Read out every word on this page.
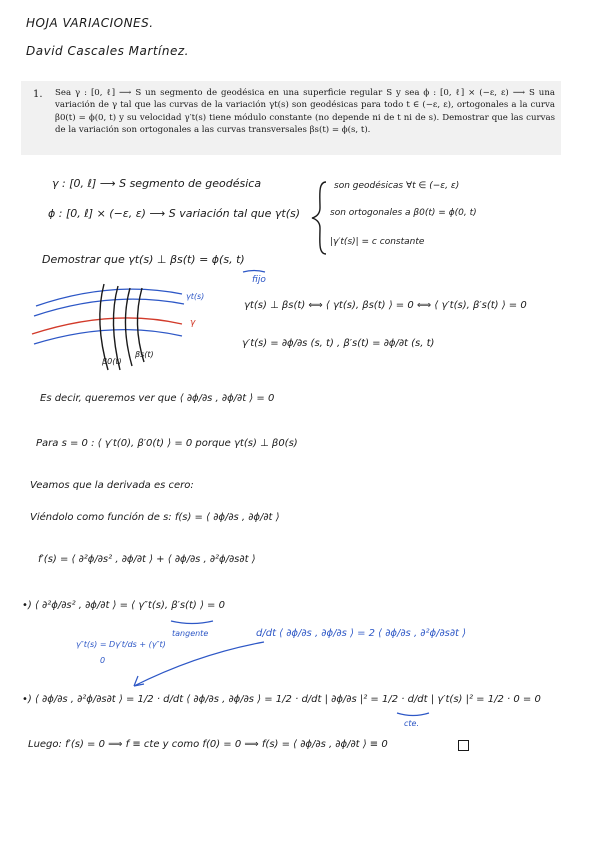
HOJA VARIACIONES.
David Cascales Martínez.
1. Sea γ : [0, ℓ] ⟶ S un segmento de geodésica en una superficie regular S y sea ϕ : [0, ℓ] × (−ε, ε) ⟶ S una variación de γ tal que las curvas de la variación γt(s) son geodésicas para todo t ∈ (−ε, ε), ortogonales a la curva β0(t) = ϕ(0, t) y su velocidad γ′t(s) tiene módulo constante (no depende ni de t ni de s). Demostrar que las curvas de la variación son ortogonales a las curvas transversales βs(t) = ϕ(s, t).
γ : [0, ℓ] ⟶ S segmento de geodésica
ϕ : [0, ℓ] × (−ε, ε) ⟶ S variación tal que γt(s)
son geodésicas ∀t ∈ (−ε, ε)
son ortogonales a β0(t) = ϕ(0, t)
|γ′t(s)| = c constante
Demostrar que γt(s) ⊥ βs(t) = ϕ(s, t)
fijo
γt(s)
γ
β0(t)
βs(t)
γt(s) ⊥ βs(t) ⟺ ⟨ γt(s), βs(t) ⟩ = 0 ⟺ ⟨ γ′t(s), β′s(t) ⟩ = 0
γ′t(s) = ∂ϕ/∂s (s, t) , β′s(t) = ∂ϕ/∂t (s, t)
Es decir, queremos ver que ⟨ ∂ϕ/∂s , ∂ϕ/∂t ⟩ = 0
Para s = 0 : ⟨ γ′t(0), β′0(t) ⟩ = 0 porque γt(s) ⊥ β0(s)
Veamos que la derivada es cero:
Viéndolo como función de s: f(s) = ⟨ ∂ϕ/∂s , ∂ϕ/∂t ⟩
f′(s) = ⟨ ∂²ϕ/∂s² , ∂ϕ/∂t ⟩ + ⟨ ∂ϕ/∂s , ∂²ϕ/∂s∂t ⟩
•) ⟨ ∂²ϕ/∂s² , ∂ϕ/∂t ⟩ = ⟨ γ″t(s), β′s(t) ⟩ = 0
tangente
γ″t(s) = Dγ′t/ds + (γ″t)
0
d/dt ⟨ ∂ϕ/∂s , ∂ϕ/∂s ⟩ = 2 ⟨ ∂ϕ/∂s , ∂²ϕ/∂s∂t ⟩
•) ⟨ ∂ϕ/∂s , ∂²ϕ/∂s∂t ⟩ = 1/2 · d/dt ⟨ ∂ϕ/∂s , ∂ϕ/∂s ⟩ = 1/2 · d/dt | ∂ϕ/∂s |² = 1/2 · d/dt | γ′t(s) |² = 1/2 · 0 = 0
cte.
Luego: f′(s) = 0 ⟹ f ≡ cte y como f(0) = 0 ⟹ f(s) = ⟨ ∂ϕ/∂s , ∂ϕ/∂t ⟩ ≡ 0
